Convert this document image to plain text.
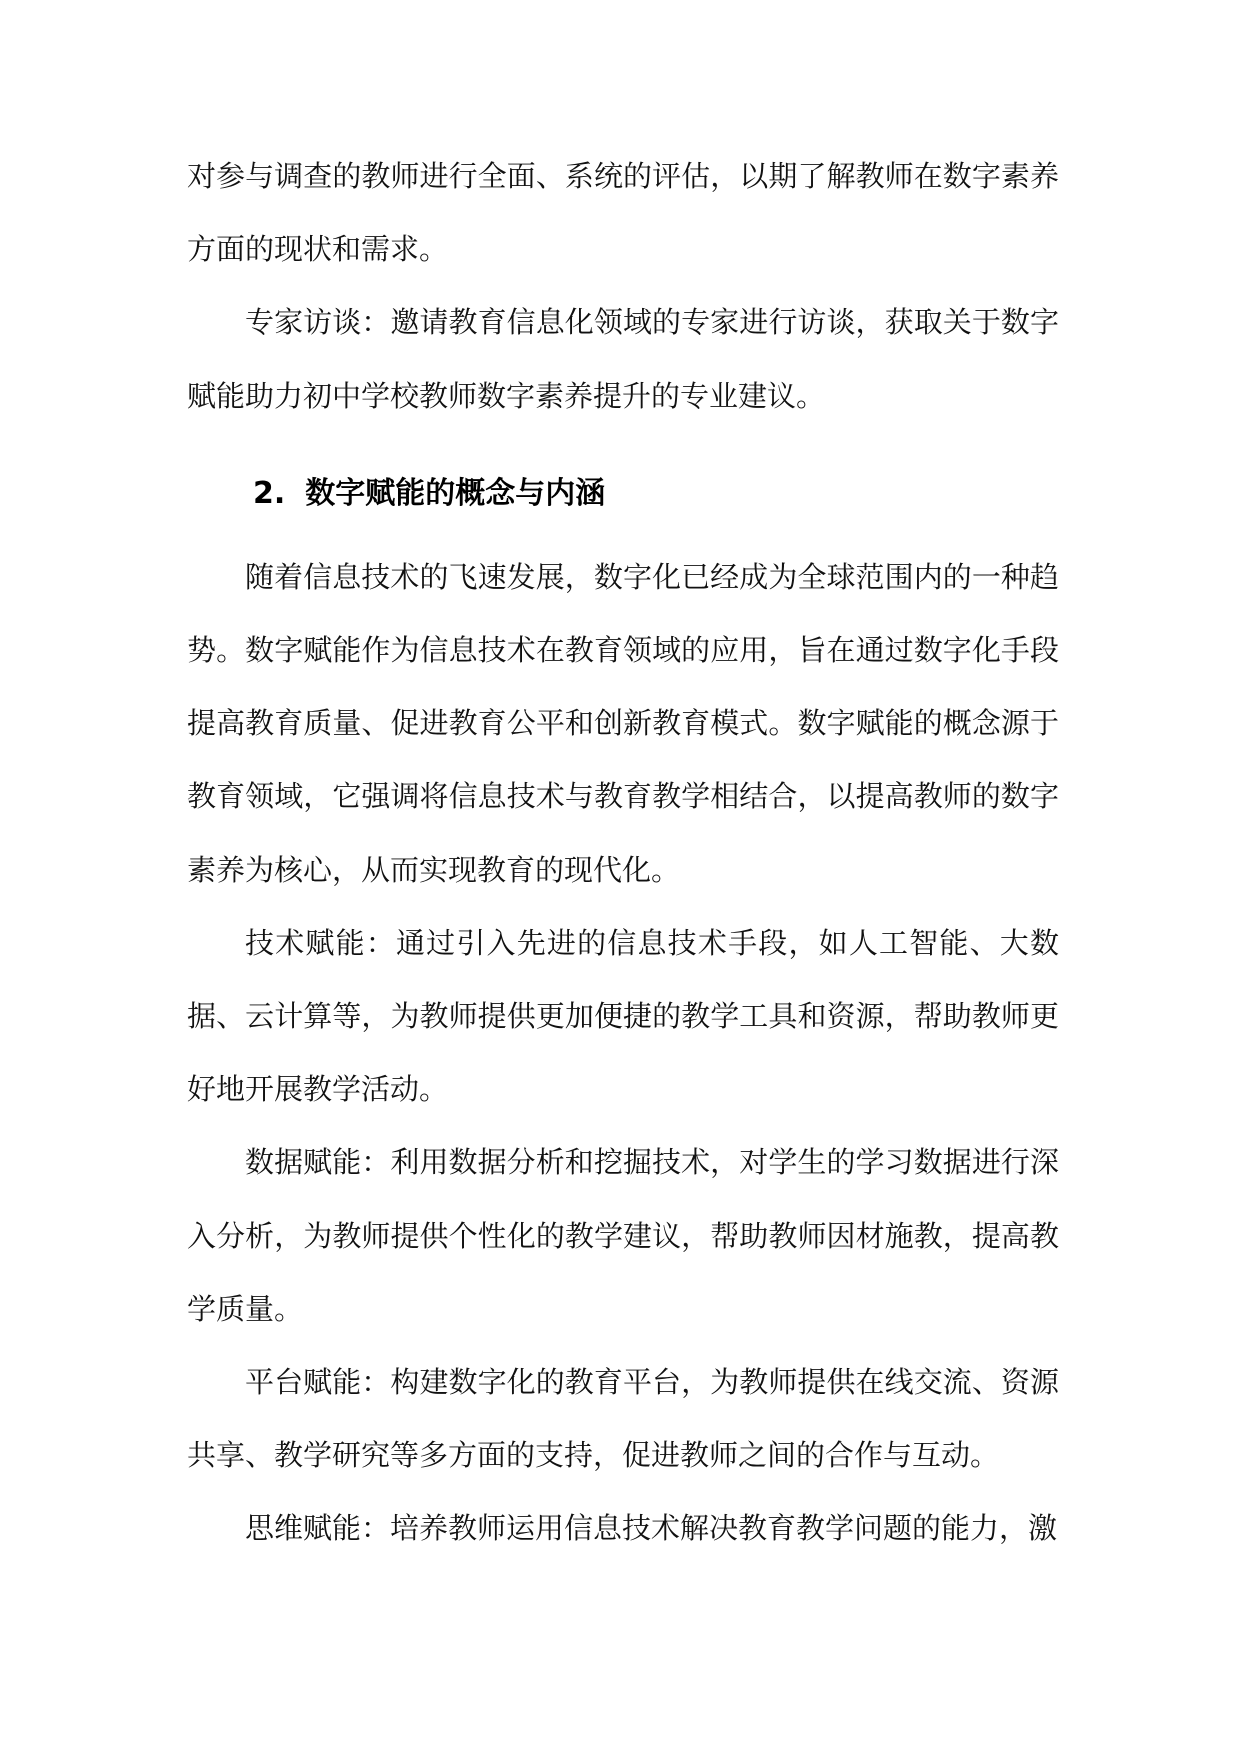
对参与调查的教师进行全面、系统的评估，以期了解教师在数字素养方面的现状和需求。

专家访谈：邀请教育信息化领域的专家进行访谈，获取关于数字赋能助力初中学校教师数字素养提升的专业建议。

2. 数字赋能的概念与内涵

随着信息技术的飞速发展，数字化已经成为全球范围内的一种趋势。数字赋能作为信息技术在教育领域的应用，旨在通过数字化手段提高教育质量、促进教育公平和创新教育模式。数字赋能的概念源于教育领域，它强调将信息技术与教育教学相结合，以提高教师的数字素养为核心，从而实现教育的现代化。

技术赋能：通过引入先进的信息技术手段，如人工智能、大数据、云计算等，为教师提供更加便捷的教学工具和资源，帮助教师更好地开展教学活动。

数据赋能：利用数据分析和挖掘技术，对学生的学习数据进行深入分析，为教师提供个性化的教学建议，帮助教师因材施教，提高教学质量。

平台赋能：构建数字化的教育平台，为教师提供在线交流、资源共享、教学研究等多方面的支持，促进教师之间的合作与互动。

思维赋能：培养教师运用信息技术解决教育教学问题的能力，激
